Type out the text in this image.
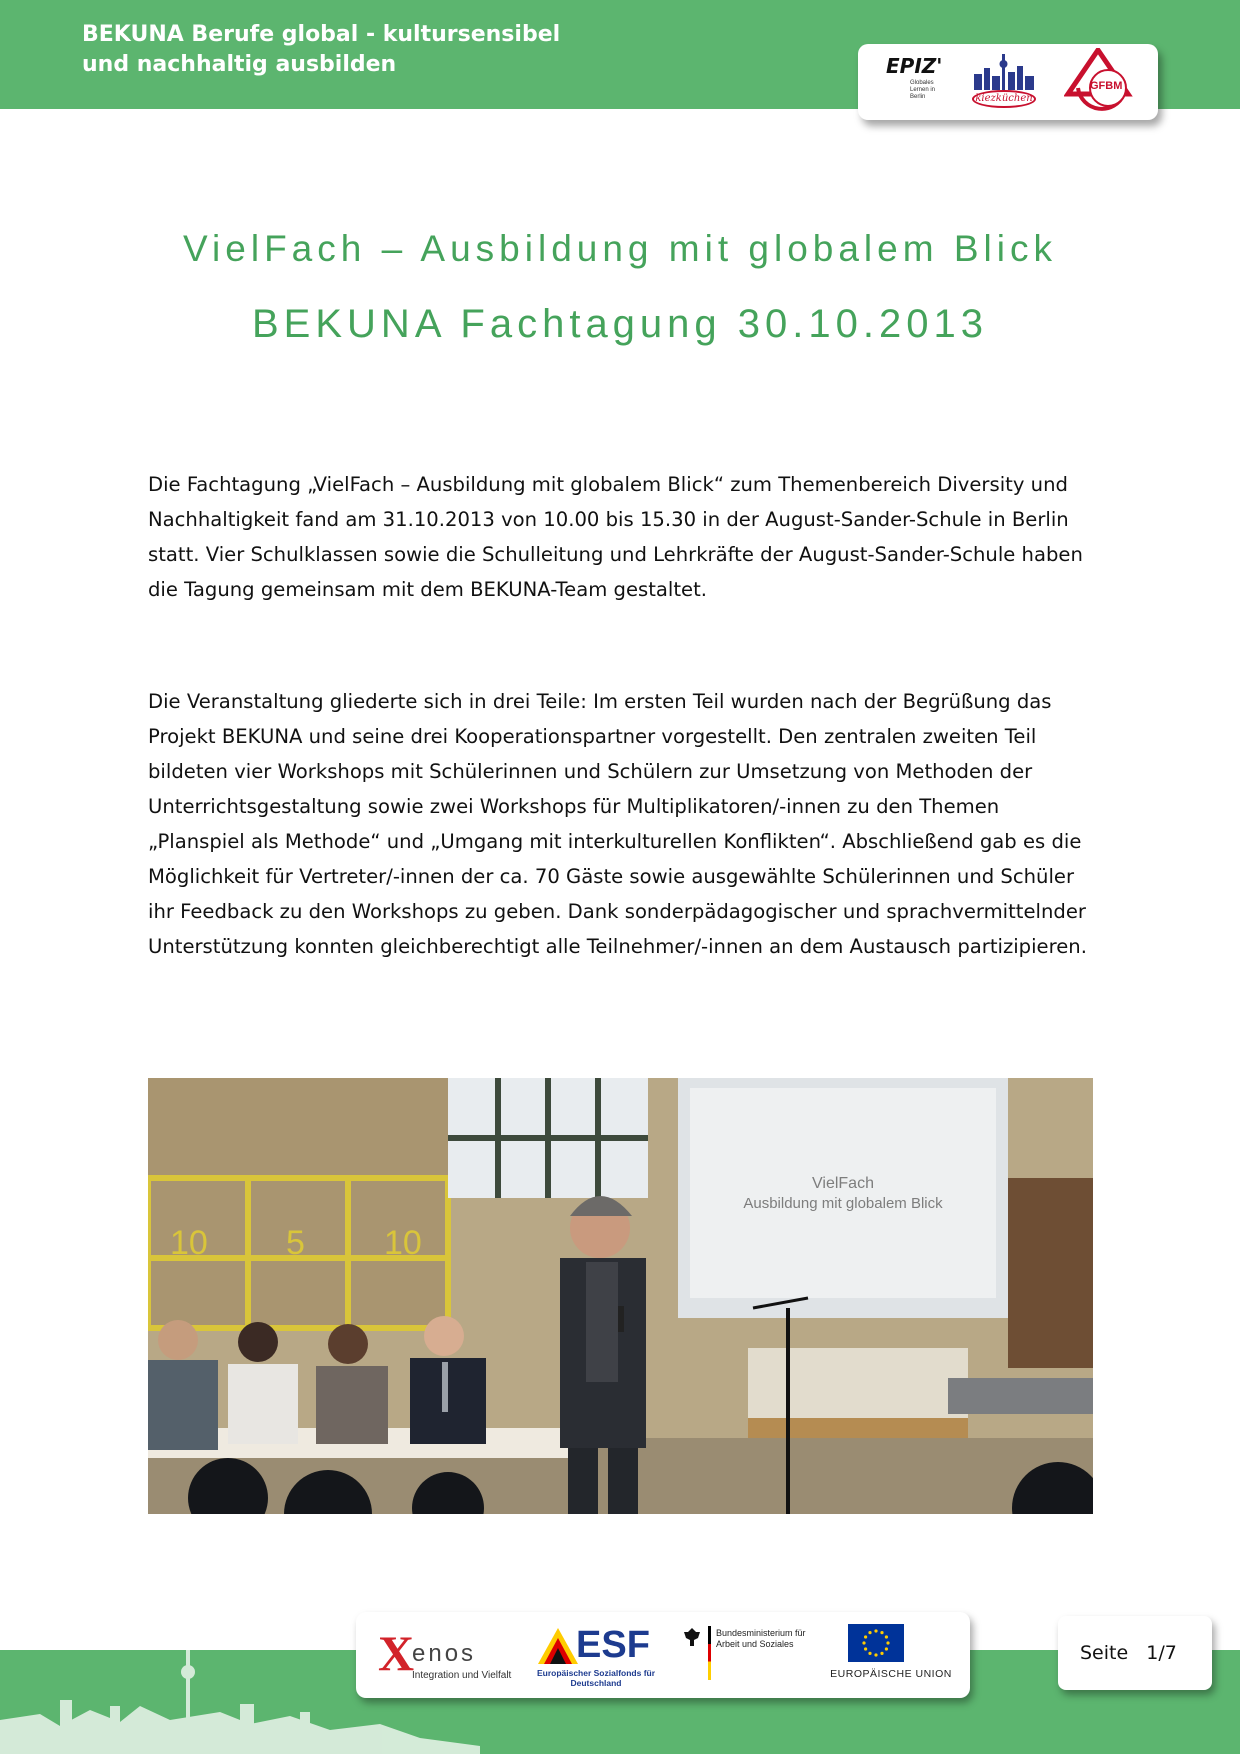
BEKUNA Berufe global - kultursensibel
und nachhaltig ausbilden	EPIZ'
Globales Lernen in Berlin	kiezküchen
GFBM
VielFach – Ausbildung mit globalem Blick
BEKUNA Fachtagung 30.10.2013

Die Fachtagung „VielFach – Ausbildung mit globalem Blick“ zum Themenbereich Diversity und Nachhaltigkeit fand am 31.10.2013 von 10.00 bis 15.30 in der August-Sander-Schule in Berlin statt. Vier Schulklassen sowie die Schulleitung und Lehrkräfte der August-Sander-Schule haben die Tagung gemeinsam mit dem BEKUNA-Team gestaltet.

Die Veranstaltung gliederte sich in drei Teile: Im ersten Teil wurden nach der Begrüßung das Projekt BEKUNA und seine drei Kooperationspartner vorgestellt. Den zentralen zweiten Teil bildeten vier Workshops mit Schülerinnen und Schülern zur Umsetzung von Methoden der Unterrichtsgestaltung sowie zwei Workshops für Multiplikatoren/-innen zu den Themen „Planspiel als Methode“ und „Umgang mit interkulturellen Konflikten“. Abschließend gab es die Möglichkeit für Vertreter/-innen der ca. 70 Gäste sowie ausgewählte Schülerinnen und Schüler ihr Feedback zu den Workshops zu geben. Dank sonderpädagogischer und sprachvermittelnder Unterstützung konnten gleichberechtigt alle Teilnehmer/-innen an dem Austausch partizipieren.

10 5 10
VielFach
Ausbildung mit globalem Blick
X
enos
Integration und Vielfalt
ESF
Europäischer Sozialfonds für Deutschland
Bundesministerium für Arbeit und Soziales
EUROPÄISCHE UNION
Seite   1/7
